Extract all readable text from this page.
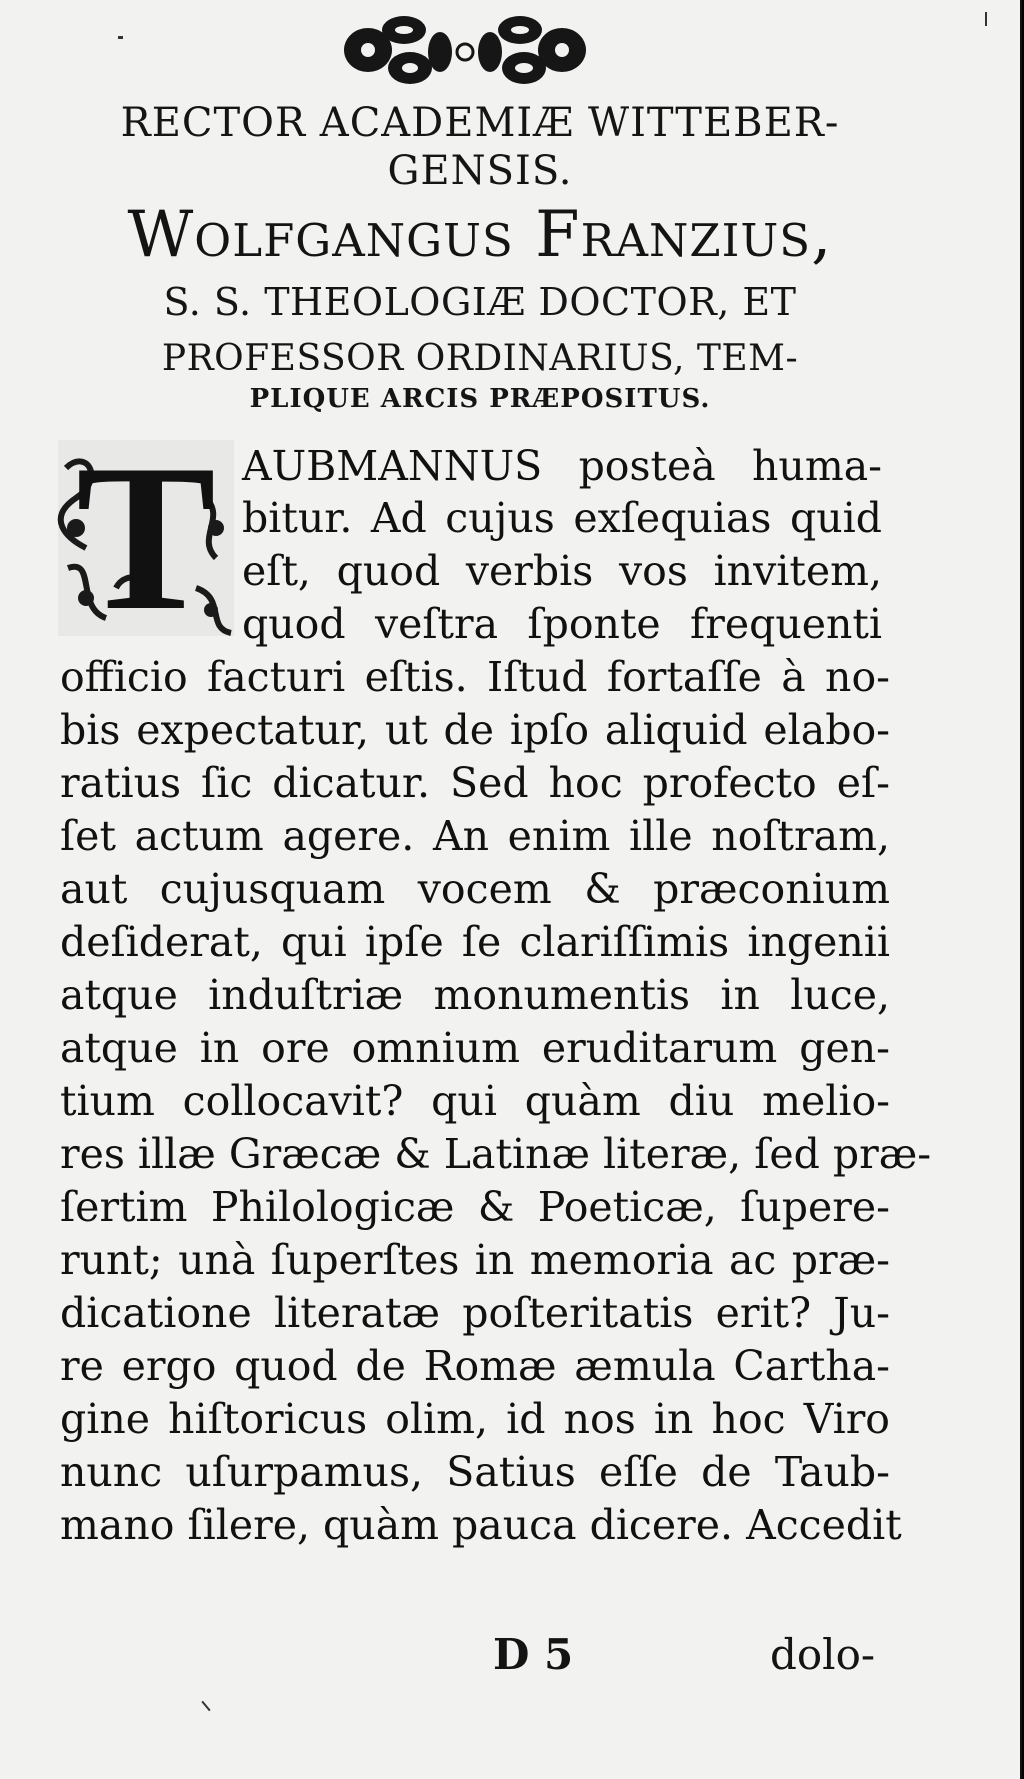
RECTOR ACADEMIÆ WITTEBER-
GENSIS.
Wolfgangus Franzius,
S. S. THEOLOGIÆ DOCTOR, ET
PROFESSOR ORDINARIUS, TEM-
PLIQUE ARCIS PRÆPOSITUS.
T AUBMANNUS posteà huma-
bitur. Ad cujus exſequias quid
eſt, quod verbis vos invitem,
quod veſtra ſponte frequenti
officio facturi eſtis. Iſtud fortaſſe à no-
bis expectatur, ut de ipſo aliquid elabo-
ratius ſic dicatur. Sed hoc profecto eſ-
ſet actum agere. An enim ille noſtram,
aut cujusquam vocem & præconium
deſiderat, qui ipſe ſe clariſſimis ingenii
atque induſtriæ monumentis in luce,
atque in ore omnium eruditarum gen-
tium collocavit? qui quàm diu melio-
res illæ Græcæ & Latinæ literæ, ſed præ-
ſertim Philologicæ & Poeticæ, ſupere-
runt; unà ſuperſtes in memoria ac præ-
dicatione literatæ poſteritatis erit? Ju-
re ergo quod de Romæ æmula Cartha-
gine hiſtoricus olim, id nos in hoc Viro
nunc uſurpamus, Satius eſſe de Taub-
mano ſilere, quàm pauca dicere. Accedit
D 5	dolo-
